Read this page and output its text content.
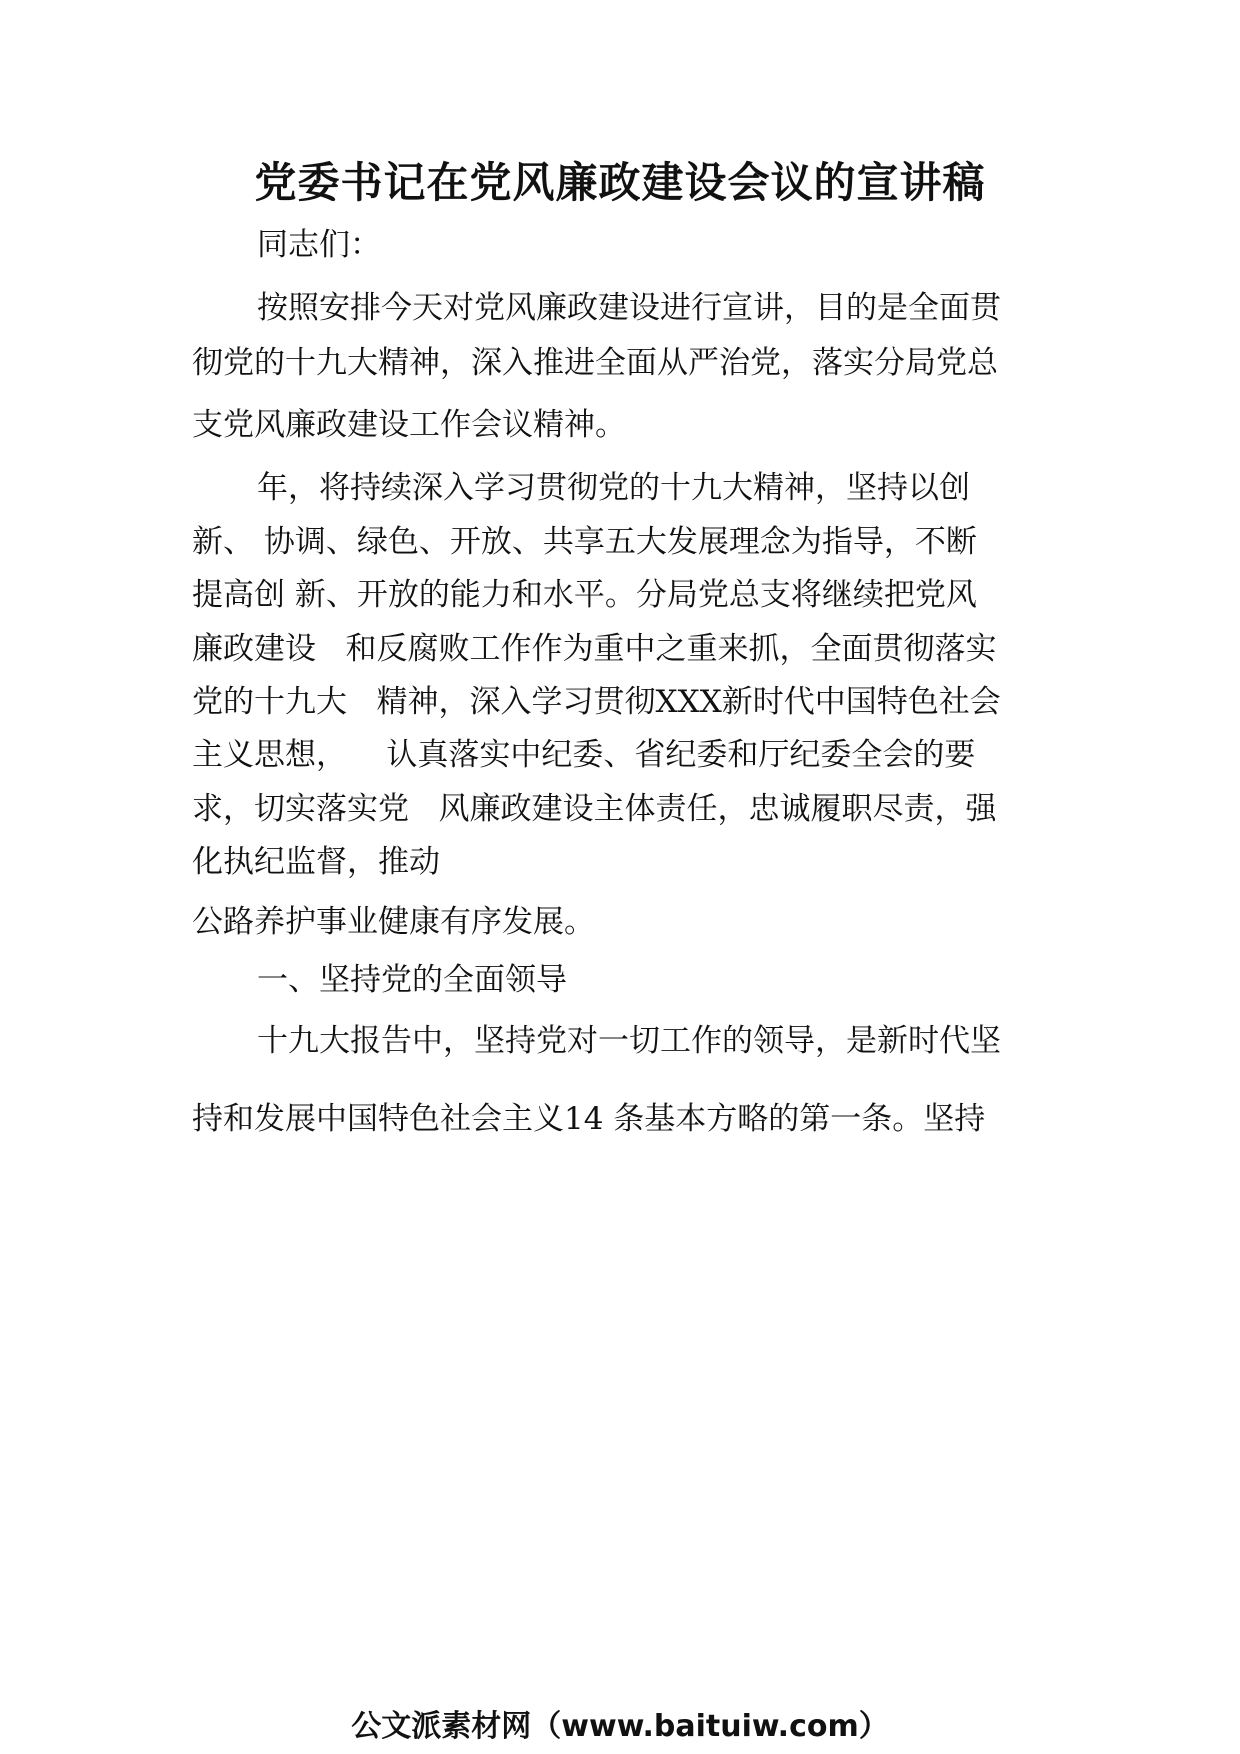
党委书记在党风廉政建设会议的宣讲稿
同志们：
按照安排今天对党风廉政建设进行宣讲，目的是全面贯
彻党的十九大精神，深入推进全面从严治党，落实分局党总
支党风廉政建设工作会议精神。
年，将持续深入学习贯彻党的十九大精神，坚持以创
新、 协调、绿色、开放、共享五大发展理念为指导，不断
提高创 新、开放的能力和水平。分局党总支将继续把党风
廉政建设   和反腐败工作作为重中之重来抓，全面贯彻落实
党的十九大   精神，深入学习贯彻XXX新时代中国特色社会
主义思想，    认真落实中纪委、省纪委和厅纪委全会的要
求，切实落实党   风廉政建设主体责任，忠诚履职尽责，强
化执纪监督，推动
公路养护事业健康有序发展。
一、坚持党的全面领导
十九大报告中，坚持党对一切工作的领导，是新时代坚
持和发展中国特色社会主义14 条基本方略的第一条。坚持
公文派素材网（www.baituiw.com）
